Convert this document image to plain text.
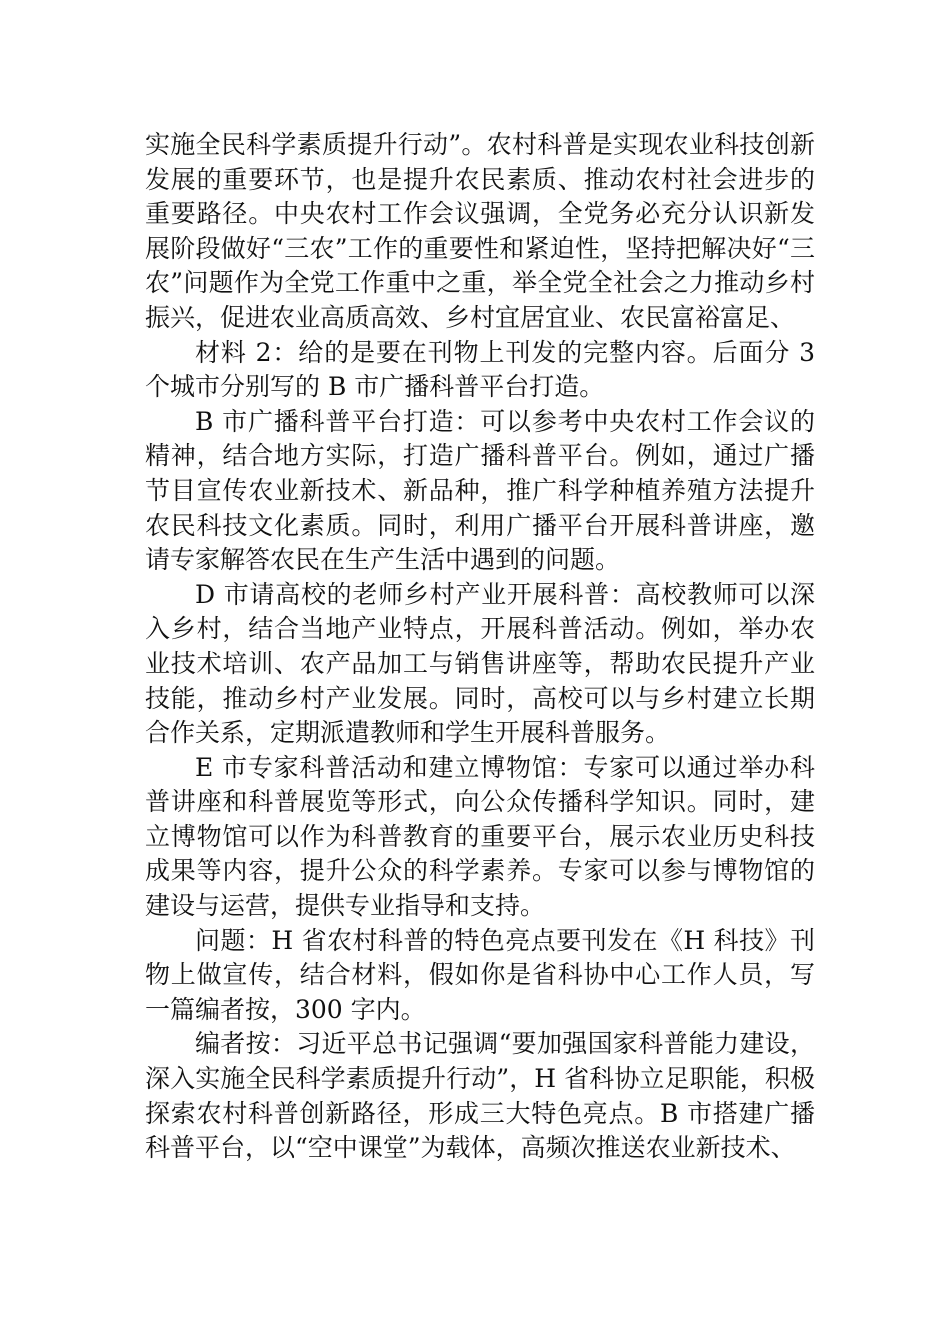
实施全民科学素质提升行动”。农村科普是实现农业科技创新发展的重要环节，也是提升农民素质、推动农村社会进步的重要路径。中央农村工作会议强调，全党务必充分认识新发展阶段做好“三农”工作的重要性和紧迫性，坚持把解决好“三农”问题作为全党工作重中之重，举全党全社会之力推动乡村振兴，促进农业高质高效、乡村宜居宜业、农民富裕富足、

材料 2：给的是要在刊物上刊发的完整内容。后面分 3 个城市分别写的 B 市广播科普平台打造。

B 市广播科普平台打造：可以参考中央农村工作会议的精神，结合地方实际，打造广播科普平台。例如，通过广播节目宣传农业新技术、新品种，推广科学种植养殖方法提升农民科技文化素质。同时，利用广播平台开展科普讲座，邀请专家解答农民在生产生活中遇到的问题。

D 市请高校的老师乡村产业开展科普：高校教师可以深入乡村，结合当地产业特点，开展科普活动。例如，举办农业技术培训、农产品加工与销售讲座等，帮助农民提升产业技能，推动乡村产业发展。同时，高校可以与乡村建立长期合作关系，定期派遣教师和学生开展科普服务。

E 市专家科普活动和建立博物馆：专家可以通过举办科普讲座和科普展览等形式，向公众传播科学知识。同时，建立博物馆可以作为科普教育的重要平台，展示农业历史科技成果等内容，提升公众的科学素养。专家可以参与博物馆的建设与运营，提供专业指导和支持。

问题：H 省农村科普的特色亮点要刊发在《H 科技》刊物上做宣传，结合材料，假如你是省科协中心工作人员，写一篇编者按，300 字内。

编者按：习近平总书记强调“要加强国家科普能力建设，深入实施全民科学素质提升行动”，H 省科协立足职能，积极探索农村科普创新路径，形成三大特色亮点。B 市搭建广播科普平台，以“空中课堂”为载体，高频次推送农业新技术、
